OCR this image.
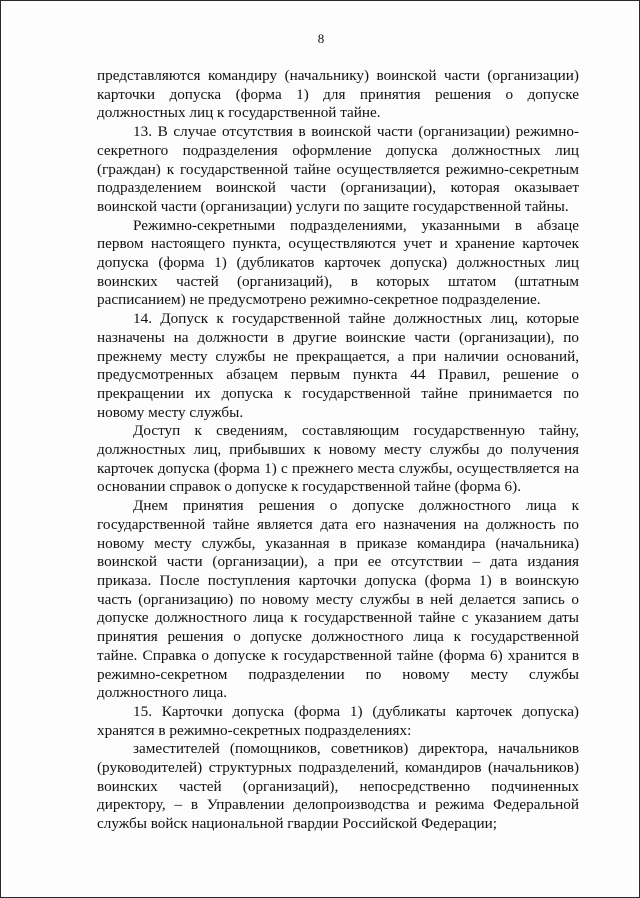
8

представляются командиру (начальнику) воинской части (организации) карточки допуска (форма 1) для принятия решения о допуске должностных лиц к государственной тайне.

13. В случае отсутствия в воинской части (организации) режимно-секретного подразделения оформление допуска должностных лиц (граждан) к государственной тайне осуществляется режимно-секретным подразделением воинской части (организации), которая оказывает воинской части (организации) услуги по защите государственной тайны.

Режимно-секретными подразделениями, указанными в абзаце первом настоящего пункта, осуществляются учет и хранение карточек допуска (форма 1) (дубликатов карточек допуска) должностных лиц воинских частей (организаций), в которых штатом (штатным расписанием) не предусмотрено режимно-секретное подразделение.

14. Допуск к государственной тайне должностных лиц, которые назначены на должности в другие воинские части (организации), по прежнему месту службы не прекращается, а при наличии оснований, предусмотренных абзацем первым пункта 44 Правил, решение о прекращении их допуска к государственной тайне принимается по новому месту службы.

Доступ к сведениям, составляющим государственную тайну, должностных лиц, прибывших к новому месту службы до получения карточек допуска (форма 1) с прежнего места службы, осуществляется на основании справок о допуске к государственной тайне (форма 6).

Днем принятия решения о допуске должностного лица к государственной тайне является дата его назначения на должность по новому месту службы, указанная в приказе командира (начальника) воинской части (организации), а при ее отсутствии – дата издания приказа. После поступления карточки допуска (форма 1) в воинскую часть (организацию) по новому месту службы в ней делается запись о допуске должностного лица к государственной тайне с указанием даты принятия решения о допуске должностного лица к государственной тайне. Справка о допуске к государственной тайне (форма 6) хранится в режимно-секретном подразделении по новому месту службы должностного лица.

15. Карточки допуска (форма 1) (дубликаты карточек допуска) хранятся в режимно-секретных подразделениях:

заместителей (помощников, советников) директора, начальников (руководителей) структурных подразделений, командиров (начальников) воинских частей (организаций), непосредственно подчиненных директору, – в Управлении делопроизводства и режима Федеральной службы войск национальной гвардии Российской Федерации;
